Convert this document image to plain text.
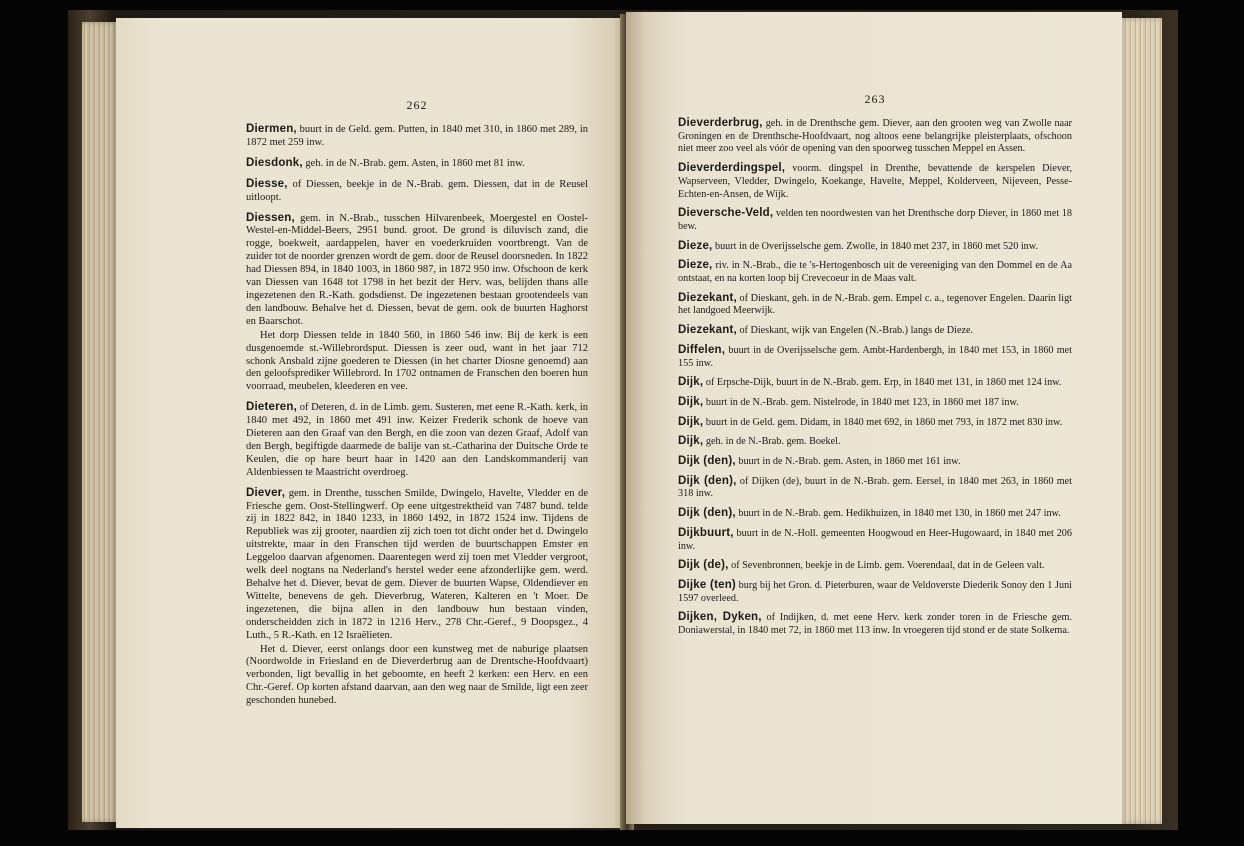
262

Diermen, buurt in de Geld. gem. Putten, in 1840 met 310, in 1860 met 289, in 1872 met 259 inw.

Diesdonk, geh. in de N.-Brab. gem. Asten, in 1860 met 81 inw.

Diesse, of Diessen, beekje in de N.-Brab. gem. Diessen, dat in de Reusel uitloopt.

Diessen, gem. in N.-Brab., tusschen Hilvarenbeek, Moergestel en Oostel-Westel-en-Middel-Beers, 2951 bund. groot. De grond is diluvisch zand, die rogge, boekweit, aardappelen, haver en voederkruiden voortbrengt. Van de zuider tot de noorder grenzen wordt de gem. door de Reusel doorsneden. In 1822 had Diessen 894, in 1840 1003, in 1860 987, in 1872 950 inw. Ofschoon de kerk van Diessen van 1648 tot 1798 in het bezit der Herv. was, belijden thans alle ingezetenen den R.-Kath. godsdienst. De ingezetenen bestaan grootendeels van den landbouw. Behalve het d. Diessen, bevat de gem. ook de buurten Haghorst en Baarschot.

Het dorp Diessen telde in 1840 560, in 1860 546 inw. Bij de kerk is een dusgenoemde st.-Willebrordsput. Diessen is zeer oud, want in het jaar 712 schonk Ansbald zijne goederen te Diessen (in het charter Diosne genoemd) aan den geloofsprediker Willebrord. In 1702 ontnamen de Franschen den boeren hun voorraad, meubelen, kleederen en vee.

Dieteren, of Deteren, d. in de Limb. gem. Susteren, met eene R.-Kath. kerk, in 1840 met 492, in 1860 met 491 inw. Keizer Frederik schonk de hoeve van Dieteren aan den Graaf van den Bergh, en die zoon van dezen Graaf, Adolf van den Bergh, begiftigde daarmede de balije van st.-Catharina der Duitsche Orde te Keulen, die op hare beurt haar in 1420 aan den Landskommanderij van Aldenbiessen te Maastricht overdroeg.

Diever, gem. in Drenthe, tusschen Smilde, Dwingelo, Havelte, Vledder en de Friesche gem. Oost-Stellingwerf. Op eene uitgestrektheid van 7487 bund. telde zij in 1822 842, in 1840 1233, in 1860 1492, in 1872 1524 inw. Tijdens de Republiek was zij grooter, naardien zij zich toen tot dicht onder het d. Dwingelo uitstrekte, maar in den Franschen tijd werden de buurtschappen Emster en Leggeloo daarvan afgenomen. Daarentegen werd zij toen met Vledder vergroot, welk deel nogtans na Nederland's herstel weder eene afzonderlijke gem. werd. Behalve het d. Diever, bevat de gem. Diever de buurten Wapse, Oldendiever en Wittelte, benevens de geh. Dieverbrug, Wateren, Kalteren en 't Moer. De ingezetenen, die bijna allen in den landbouw hun bestaan vinden, onderscheidden zich in 1872 in 1216 Herv., 278 Chr.-Geref., 9 Doopsgez., 4 Luth., 5 R.-Kath. en 12 Israëlieten.

Het d. Diever, eerst onlangs door een kunstweg met de naburige plaatsen (Noordwolde in Friesland en de Dieverderbrug aan de Drentsche-Hoofdvaart) verbonden, ligt bevallig in het geboomte, en heeft 2 kerken: een Herv. en een Chr.-Geref. Op korten afstand daarvan, aan den weg naar de Smilde, ligt een zeer geschonden hunebed.

263

Dieverderbrug, geh. in de Drenthsche gem. Diever, aan den grooten weg van Zwolle naar Groningen en de Drenthsche-Hoofdvaart, nog altoos eene belangrijke pleisterplaats, ofschoon niet meer zoo veel als vóór de opening van den spoorweg tusschen Meppel en Assen.

Dieverderdingspel, voorm. dingspel in Drenthe, bevattende de kerspelen Diever, Wapserveen, Vledder, Dwingelo, Koekange, Havelte, Meppel, Kolderveen, Nijeveen, Pesse-Echten-en-Ansen, de Wijk.

Dieversche-Veld, velden ten noordwesten van het Drenthsche dorp Diever, in 1860 met 18 bew.

Dieze, buurt in de Overijsselsche gem. Zwolle, in 1840 met 237, in 1860 met 520 inw.

Dieze, riv. in N.-Brab., die te 's-Hertogenbosch uit de vereeniging van den Dommel en de Aa ontstaat, en na korten loop bij Crevecoeur in de Maas valt.

Diezekant, of Dieskant, geh. in de N.-Brab. gem. Empel c. a., tegenover Engelen. Daarin ligt het landgoed Meerwijk.

Diezekant, of Dieskant, wijk van Engelen (N.-Brab.) langs de Dieze.

Diffelen, buurt in de Overijsselsche gem. Ambt-Hardenbergh, in 1840 met 153, in 1860 met 155 inw.

Dijk, of Erpsche-Dijk, buurt in de N.-Brab. gem. Erp, in 1840 met 131, in 1860 met 124 inw.

Dijk, buurt in de N.-Brab. gem. Nistelrode, in 1840 met 123, in 1860 met 187 inw.

Dijk, buurt in de Geld. gem. Didam, in 1840 met 692, in 1860 met 793, in 1872 met 830 inw.

Dijk, geh. in de N.-Brab. gem. Boekel.

Dijk (den), buurt in de N.-Brab. gem. Asten, in 1860 met 161 inw.

Dijk (den), of Dijken (de), buurt in de N.-Brab. gem. Eersel, in 1840 met 263, in 1860 met 318 inw.

Dijk (den), buurt in de N.-Brab. gem. Hedikhuizen, in 1840 met 130, in 1860 met 247 inw.

Dijkbuurt, buurt in de N.-Holl. gemeenten Hoogwoud en Heer-Hugowaard, in 1840 met 206 inw.

Dijk (de), of Sevenbronnen, beekje in de Limb. gem. Voerendaal, dat in de Geleen valt.

Dijke (ten) burg bij het Gron. d. Pieterburen, waar de Veldoverste Diederik Sonoy den 1 Juni 1597 overleed.

Dijken, Dyken, of Indijken, d. met eene Herv. kerk zonder toren in de Friesche gem. Doniawerstal, in 1840 met 72, in 1860 met 113 inw. In vroegeren tijd stond er de state Solkema.
